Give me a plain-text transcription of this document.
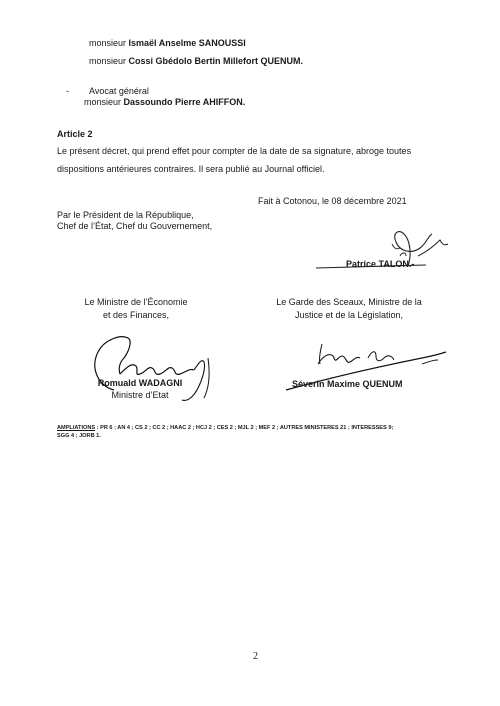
monsieur Ismaël Anselme SANOUSSI
monsieur Cossi Gbédolo Bertin Millefort QUENUM.
- Avocat général
monsieur Dassoundo Pierre AHIFFON.
Article 2
Le présent décret, qui prend effet pour compter de la date de sa signature, abroge toutes
dispositions antérieures contraires. Il sera publié au Journal officiel.
Fait à Cotonou, le 08 décembre 2021
Par le Président de la République,
Chef de l’État, Chef du Gouvernement,
Patrice TALON.-
Le Ministre de l’Économie
et des Finances,
Romuald WADAGNI
Ministre d’Etat
Le Garde des Sceaux, Ministre de la
Justice et de la Législation,
Séverin Maxime QUENUM
AMPLIATIONS : PR 6 ; AN 4 ; CS 2 ; CC 2 ; HAAC 2 ; HCJ 2 ; CES 2 ; MJL 2 ; MEF 2 ; AUTRES MINISTERES 21 ; INTERESSES 9;
SGG 4 ; JORB 1.
2
